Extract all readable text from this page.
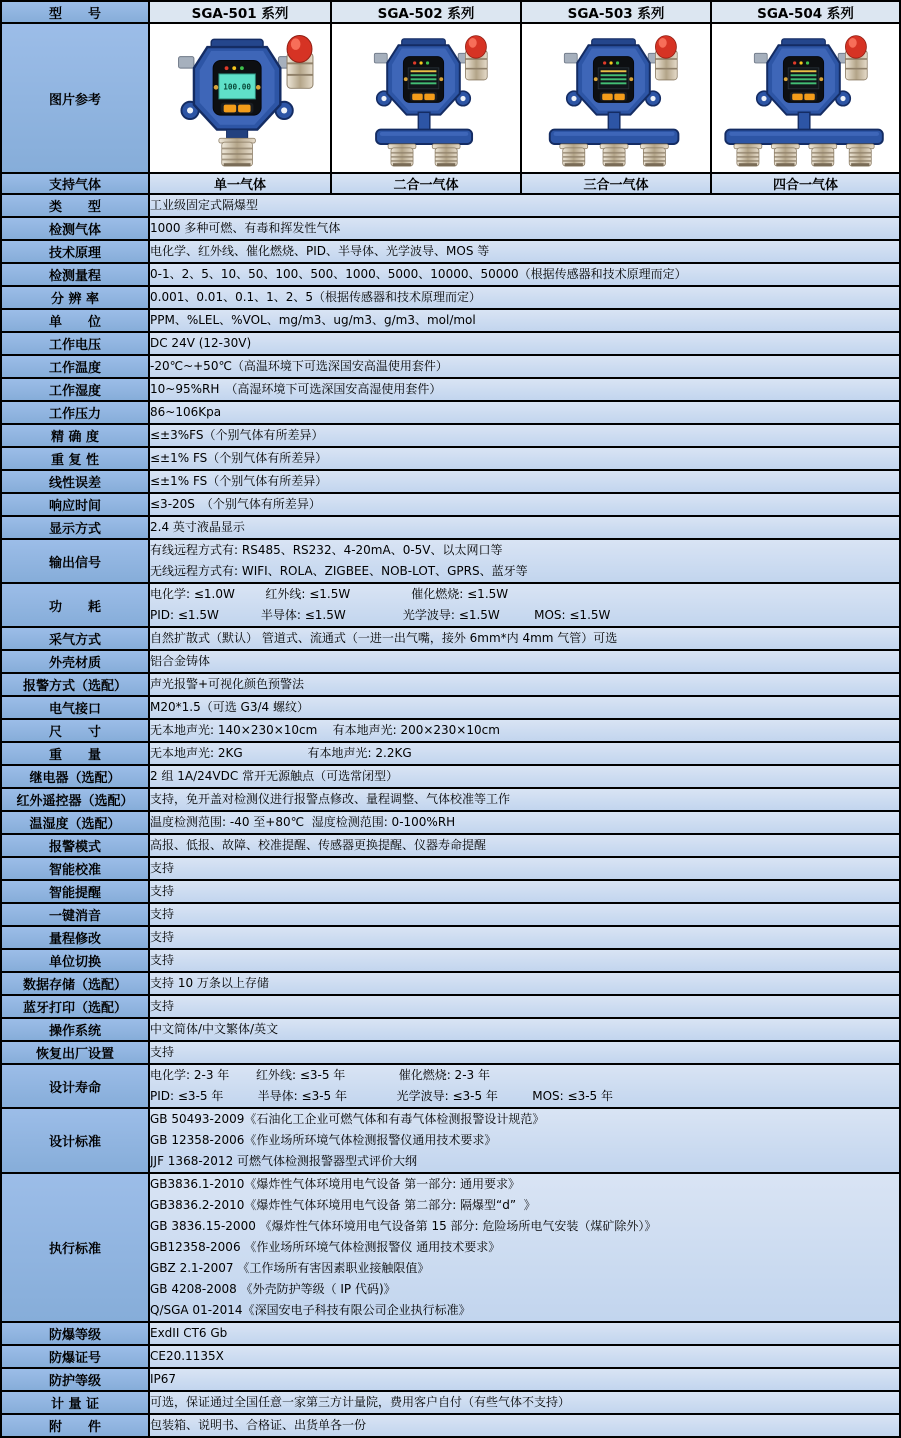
型　　号	SGA-501 系列	SGA-502 系列	SGA-503 系列	SGA-504 系列
图片参考	100.00

支持气体	单一气体	二合一气体	三合一气体	四合一气体
类　　型	工业级固定式隔爆型			

检测气体	1000 多种可燃、有毒和挥发性气体			

技术原理	电化学、红外线、催化燃烧、PID、半导体、光学波导、MOS 等			

检测量程	0-1、2、5、10、50、100、500、1000、5000、10000、50000（根据传感器和技术原理而定）			

分 辨 率	0.001、0.01、0.1、1、2、5（根据传感器和技术原理而定）			

单　　位	PPM、%LEL、%VOL、mg/m3、ug/m3、g/m3、mol/mol			

工作电压	DC 24V (12-30V)			

工作温度	-20℃~+50℃（高温环境下可选深国安高温使用套件）			

工作湿度	10~95%RH　（高湿环境下可选深国安高湿使用套件）			

工作压力	86~106Kpa			

精 确 度	≤±3%FS（个别气体有所差异）			

重 复 性	≤±1% FS（个别气体有所差异）			

线性误差	≤±1% FS（个别气体有所差异）			

响应时间	≤3-20S　（个别气体有所差异）			

显示方式	2.4 英寸液晶显示			

输出信号	有线远程方式有: RS485、RS232、4-20mA、0-5V、以太网口等
无线远程方式有: WIFI、ROLA、ZIGBEE、NOB-LOT、GPRS、蓝牙等			

功　　耗	电化学: ≤1.0W        红外线: ≤1.5W                催化燃烧: ≤1.5W
PID: ≤1.5W           半导体: ≤1.5W               光学波导: ≤1.5W         MOS: ≤1.5W			

采气方式	自然扩散式（默认） 管道式、流通式（一进一出气嘴，接外 6mm*内 4mm 气管）可选			

外壳材质	铝合金铸体			

报警方式（选配）	声光报警+可视化颜色预警法			

电气接口	M20*1.5（可选 G3/4 螺纹）			

尺　　寸	无本地声光: 140×230×10cm    有本地声光: 200×230×10cm			

重　　量	无本地声光: 2KG                 有本地声光: 2.2KG			

继电器（选配）	2 组 1A/24VDC 常开无源触点（可选常闭型）			

红外遥控器（选配）	支持，免开盖对检测仪进行报警点修改、量程调整、气体校准等工作			

温湿度（选配）	温度检测范围: -40 至+80℃  湿度检测范围: 0-100%RH			

报警模式	高报、低报、故障、校准提醒、传感器更换提醒、仪器寿命提醒			

智能校准	支持			

智能提醒	支持			

一键消音	支持			

量程修改	支持			

单位切换	支持			

数据存储（选配）	支持 10 万条以上存储			

蓝牙打印（选配）	支持			

操作系统	中文简体/中文繁体/英文			

恢复出厂设置	支持			

设计寿命	电化学: 2-3 年       红外线: ≤3-5 年              催化燃烧: 2-3 年
PID: ≤3-5 年         半导体: ≤3-5 年             光学波导: ≤3-5 年         MOS: ≤3-5 年			

设计标准	GB 50493-2009《石油化工企业可燃气体和有毒气体检测报警设计规范》
GB 12358-2006《作业场所环境气体检测报警仪通用技术要求》
JJF 1368-2012 可燃气体检测报警器型式评价大纲			

执行标准	
GB3836.1-2010《爆炸性气体环境用电气设备 第一部分: 通用要求》
GB3836.2-2010《爆炸性气体环境用电气设备 第二部分: 隔爆型“d”  》
GB 3836.15-2000 《爆炸性气体环境用电气设备第 15 部分: 危险场所电气安装（煤矿除外）》
GB12358-2006 《作业场所环境气体检测报警仪 通用技术要求》
GBZ 2.1-2007 《工作场所有害因素职业接触限值》
GB 4208-2008 《外壳防护等级（ IP 代码)》
Q/SGA 01-2014《深国安电子科技有限公司企业执行标准》

防爆等级	ExdII CT6 Gb			

防爆证号	CE20.1135X			

防护等级	IP67			

计 量 证	可选，保证通过全国任意一家第三方计量院，费用客户自付（有些气体不支持）			

附　　件	包装箱、说明书、合格证、出货单各一份			
